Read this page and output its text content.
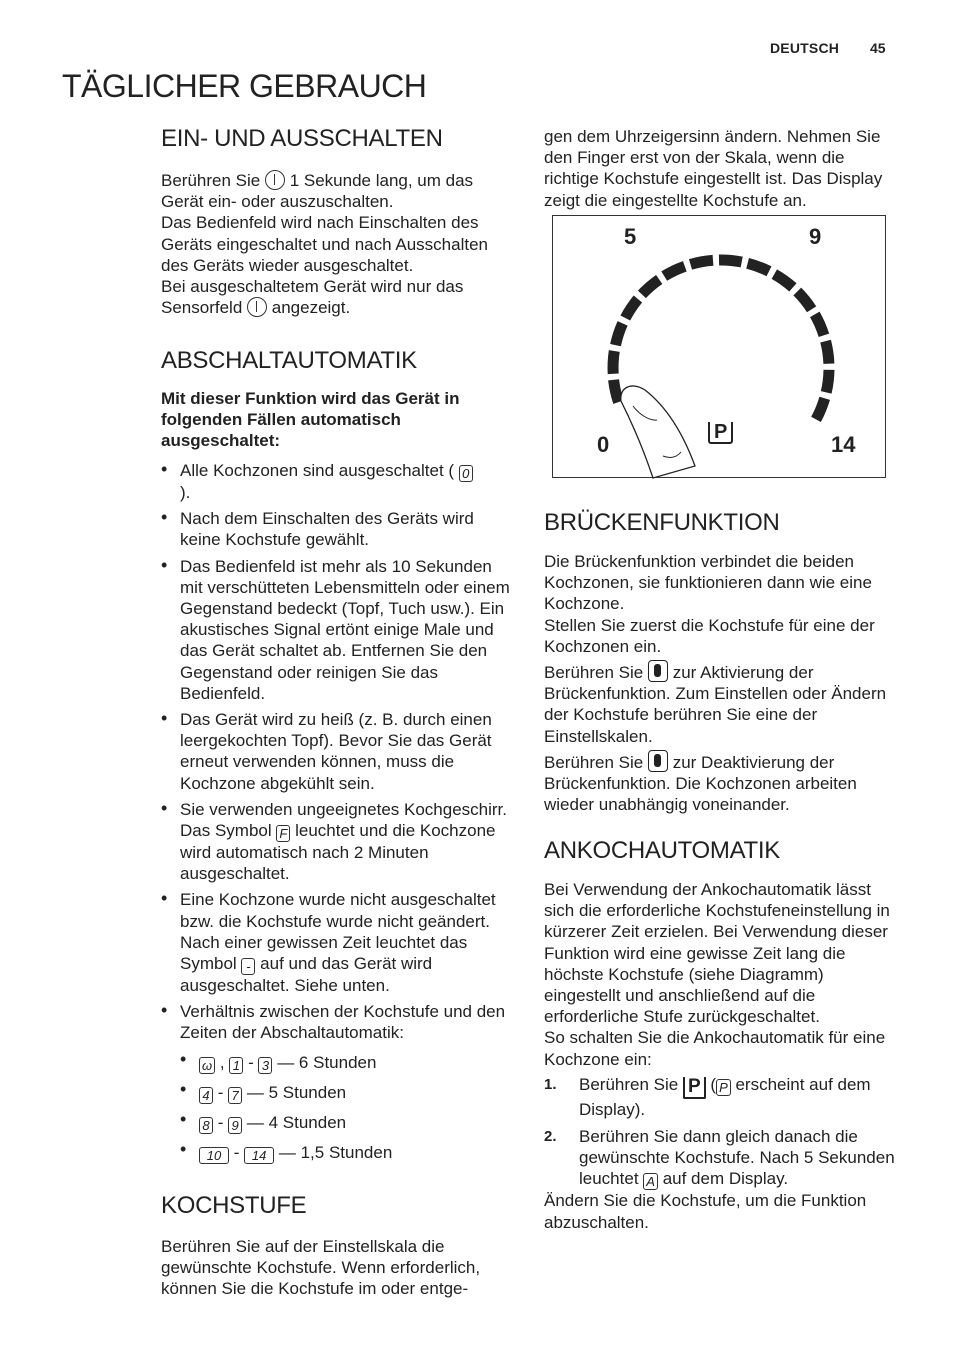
DEUTSCH 45
TÄGLICHER GEBRAUCH
EIN- UND AUSSCHALTEN
Berühren Sie 1 Sekunde lang, um das Gerät ein- oder auszuschalten.
Das Bedienfeld wird nach Einschalten des Geräts eingeschaltet und nach Ausschalten des Geräts wieder ausgeschaltet.
Bei ausgeschaltetem Gerät wird nur das Sensorfeld angezeigt.
ABSCHALTAUTOMATIK
Mit dieser Funktion wird das Gerät in folgenden Fällen automatisch ausgeschaltet:
• Alle Kochzonen sind ausgeschaltet ( 0
).
• Nach dem Einschalten des Geräts wird keine Kochstufe gewählt.
• Das Bedienfeld ist mehr als 10 Sekunden mit verschütteten Lebensmitteln oder einem Gegenstand bedeckt (Topf, Tuch usw.). Ein akustisches Signal ertönt einige Male und das Gerät schaltet ab. Entfernen Sie den Gegenstand oder reinigen Sie das Bedienfeld.
• Das Gerät wird zu heiß (z. B. durch einen leergekochten Topf). Bevor Sie das Gerät erneut verwenden können, muss die Kochzone abgekühlt sein.
• Sie verwenden ungeeignetes Kochgeschirr. Das Symbol F leuchtet und die Kochzone wird automatisch nach 2 Minuten ausgeschaltet.
• Eine Kochzone wurde nicht ausgeschaltet bzw. die Kochstufe wurde nicht geändert. Nach einer gewissen Zeit leuchtet das Symbol - auf und das Gerät wird ausgeschaltet. Siehe unten.
• Verhältnis zwischen der Kochstufe und den Zeiten der Abschaltautomatik:
• ω , 1 - 3 — 6 Stunden
• 4 - 7 — 5 Stunden
• 8 - 9 — 4 Stunden
• 10 - 14 — 1,5 Stunden
KOCHSTUFE
Berühren Sie auf der Einstellskala die gewünschte Kochstufe. Wenn erforderlich, können Sie die Kochstufe im oder entge-
gen dem Uhrzeigersinn ändern. Nehmen Sie den Finger erst von der Skala, wenn die richtige Kochstufe eingestellt ist. Das Display zeigt die eingestellte Kochstufe an.
5	9
0	14
P
BRÜCKENFUNKTION
Die Brückenfunktion verbindet die beiden Kochzonen, sie funktionieren dann wie eine Kochzone.
Stellen Sie zuerst die Kochstufe für eine der Kochzonen ein.
Berühren Sie zur Aktivierung der Brückenfunktion. Zum Einstellen oder Ändern der Kochstufe berühren Sie eine der Einstellskalen.
Berühren Sie zur Deaktivierung der Brückenfunktion. Die Kochzonen arbeiten wieder unabhängig voneinander.
ANKOCHAUTOMATIK
Bei Verwendung der Ankochautomatik lässt sich die erforderliche Kochstufeneinstellung in kürzerer Zeit erzielen. Bei Verwendung dieser Funktion wird eine gewisse Zeit lang die höchste Kochstufe (siehe Diagramm) eingestellt und anschließend auf die erforderliche Stufe zurückgeschaltet.
So schalten Sie die Ankochautomatik für eine Kochzone ein:
1. Berühren Sie P ( P erscheint auf dem Display).
2. Berühren Sie dann gleich danach die gewünschte Kochstufe. Nach 5 Sekunden leuchtet A auf dem Display.
Ändern Sie die Kochstufe, um die Funktion abzuschalten.
